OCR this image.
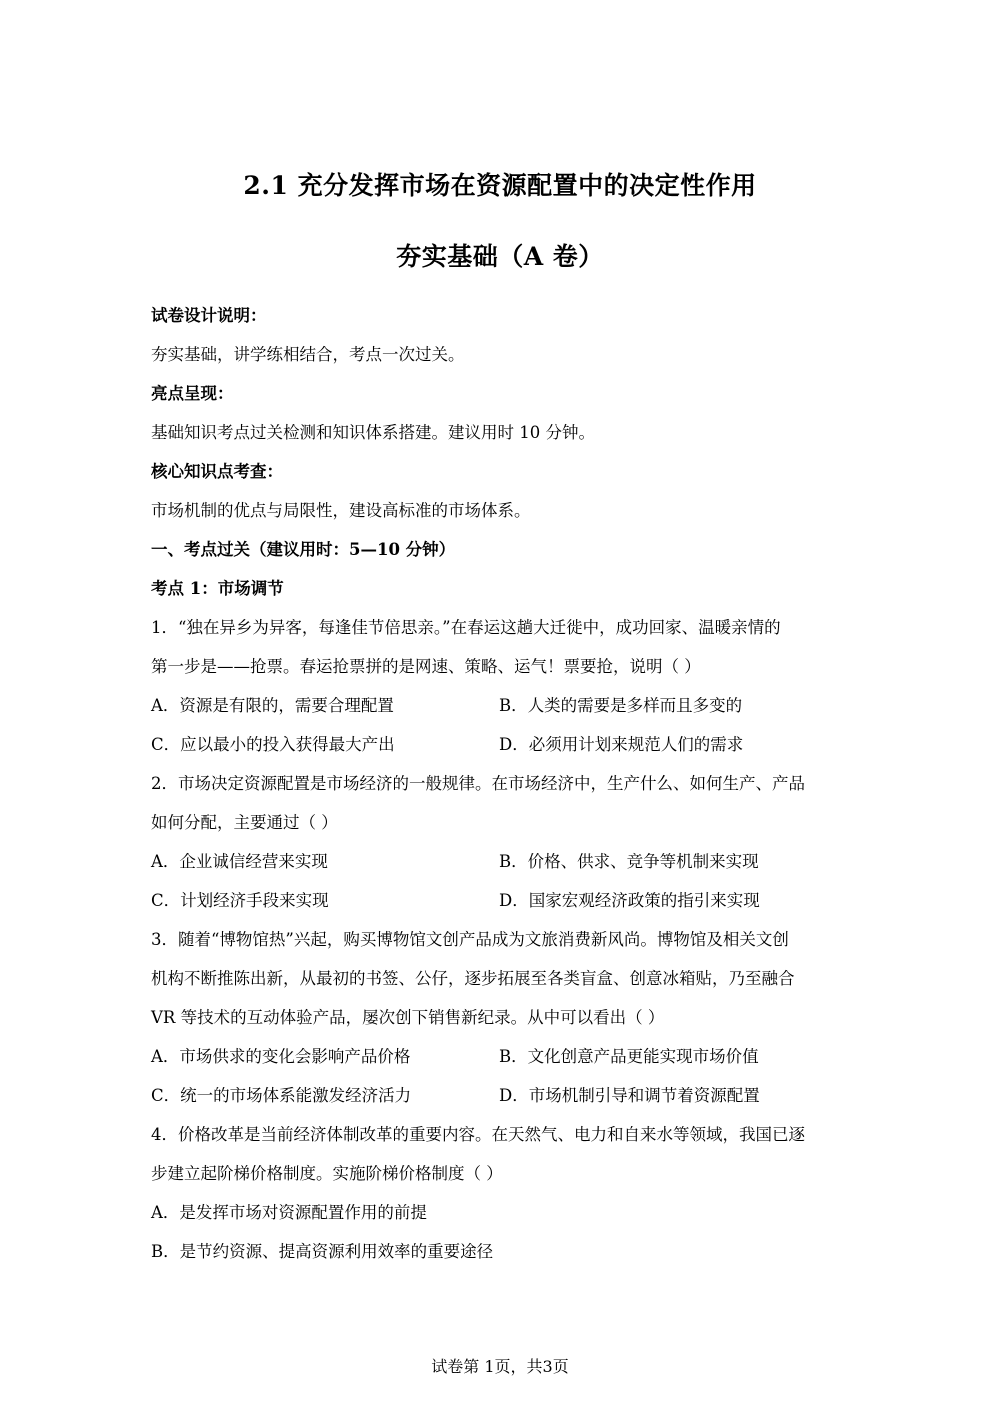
2.1 充分发挥市场在资源配置中的决定性作用
夯实基础（A 卷）
试卷设计说明：
夯实基础，讲学练相结合，考点一次过关。
亮点呈现：
基础知识考点过关检测和知识体系搭建。建议用时 10 分钟。
核心知识点考查：
市场机制的优点与局限性，建设高标准的市场体系。
一、考点过关（建议用时：5—10 分钟）
考点 1：市场调节
1．“独在异乡为异客，每逢佳节倍思亲。”在春运这趟大迁徙中，成功回家、温暖亲情的
第一步是——抢票。春运抢票拼的是网速、策略、运气！票要抢，说明（ ）
A．资源是有限的，需要合理配置	B．人类的需要是多样而且多变的
C．应以最小的投入获得最大产出	D．必须用计划来规范人们的需求
2．市场决定资源配置是市场经济的一般规律。在市场经济中，生产什么、如何生产、产品
如何分配，主要通过（ ）
A．企业诚信经营来实现	B．价格、供求、竞争等机制来实现
C．计划经济手段来实现	D．国家宏观经济政策的指引来实现
3．随着“博物馆热”兴起，购买博物馆文创产品成为文旅消费新风尚。博物馆及相关文创
机构不断推陈出新，从最初的书签、公仔，逐步拓展至各类盲盒、创意冰箱贴，乃至融合
VR 等技术的互动体验产品，屡次创下销售新纪录。从中可以看出（ ）
A．市场供求的变化会影响产品价格	B．文化创意产品更能实现市场价值
C．统一的市场体系能激发经济活力	D．市场机制引导和调节着资源配置
4．价格改革是当前经济体制改革的重要内容。在天然气、电力和自来水等领域，我国已逐
步建立起阶梯价格制度。实施阶梯价格制度（ ）
A．是发挥市场对资源配置作用的前提
B．是节约资源、提高资源利用效率的重要途径
试卷第 1页，共3页
